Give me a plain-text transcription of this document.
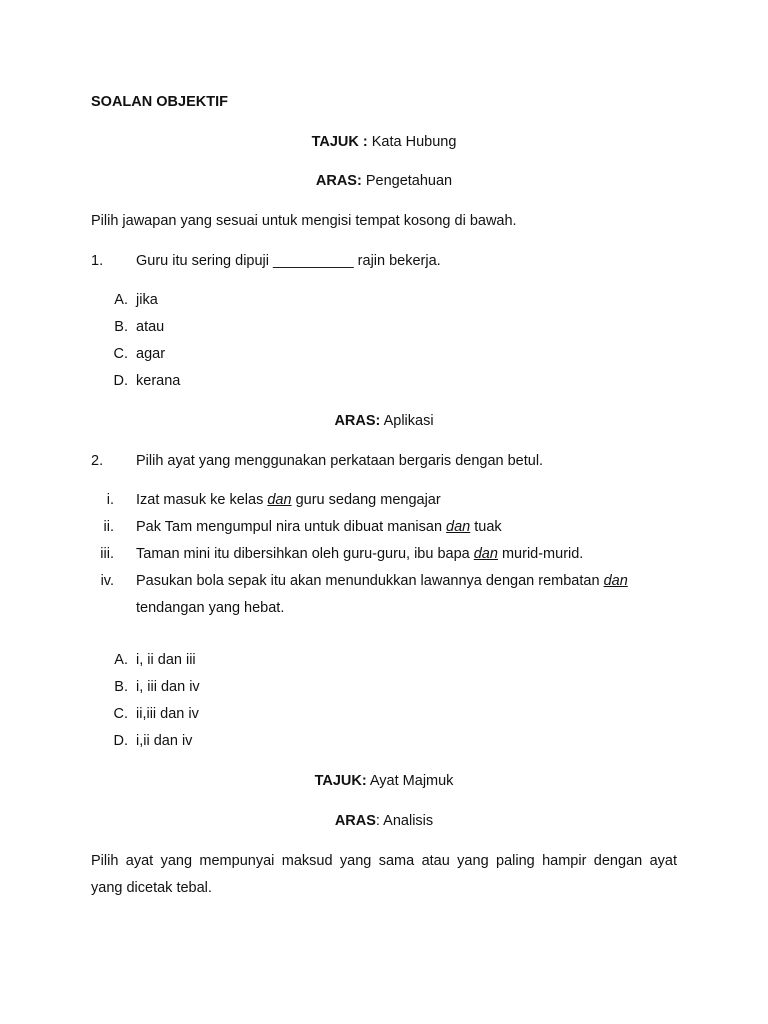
SOALAN OBJEKTIF
TAJUK : Kata Hubung
ARAS: Pengetahuan
Pilih jawapan yang sesuai untuk mengisi tempat kosong di bawah.
1. Guru itu sering dipuji __________ rajin bekerja.
A. jika
B. atau
C. agar
D. kerana
ARAS: Aplikasi
2. Pilih ayat yang menggunakan perkataan bergaris dengan betul.
i. Izat masuk ke kelas dan guru sedang mengajar
ii. Pak Tam mengumpul nira untuk dibuat manisan dan tuak
iii. Taman mini itu dibersihkan oleh guru-guru, ibu bapa dan murid-murid.
iv. Pasukan bola sepak itu akan menundukkan lawannya dengan rembatan dan
tendangan yang hebat.
A. i, ii dan iii
B. i, iii dan iv
C. ii,iii dan iv
D. i,ii dan iv
TAJUK: Ayat Majmuk
ARAS: Analisis
Pilih ayat yang mempunyai maksud yang sama atau yang paling hampir dengan ayat
yang dicetak tebal.
